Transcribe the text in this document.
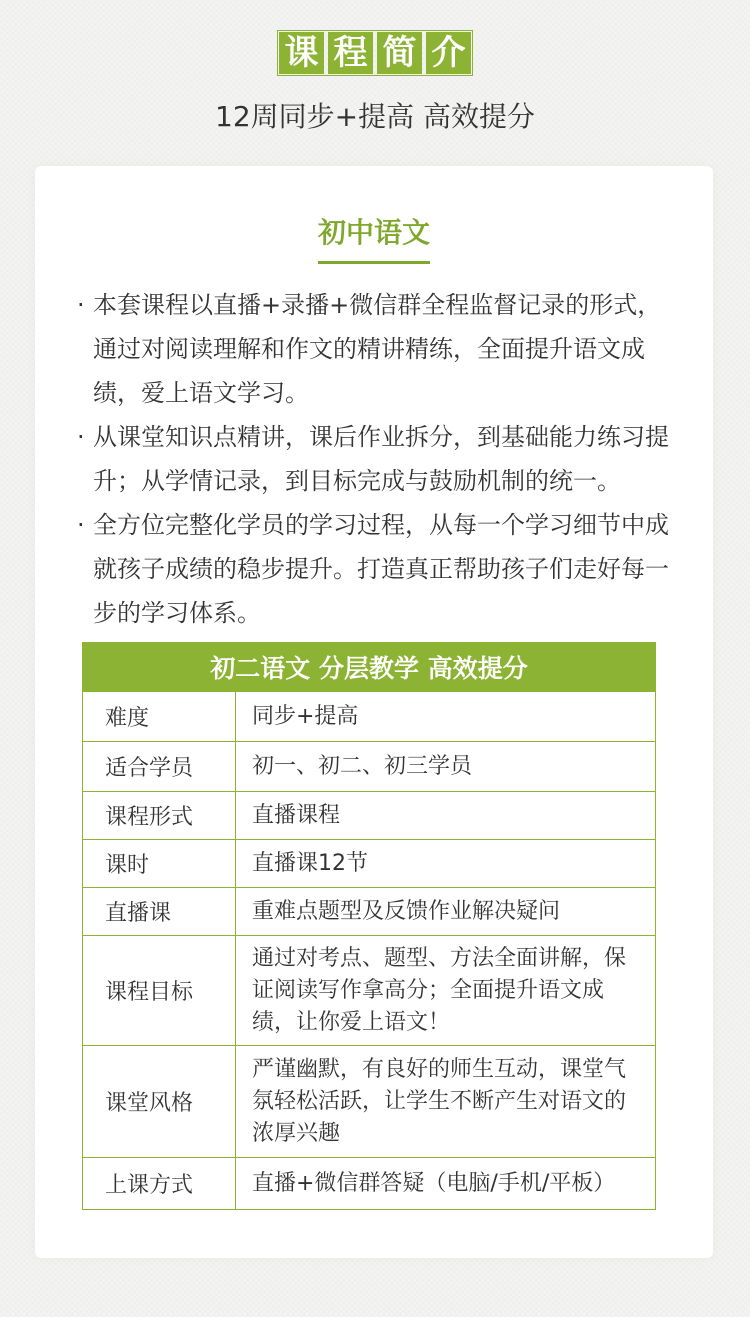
课 程 简 介
12周同步+提高 高效提分
初中语文

· 本套课程以直播+录播+微信群全程监督记录的形式，通过对阅读理解和作文的精讲精练，全面提升语文成绩，爱上语文学习。

· 从课堂知识点精讲，课后作业拆分，到基础能力练习提升；从学情记录，到目标完成与鼓励机制的统一。

· 全方位完整化学员的学习过程，从每一个学习细节中成就孩子成绩的稳步提升。打造真正帮助孩子们走好每一步的学习体系。

初二语文 分层教学 高效提分	
难度	同步+提高
适合学员	初一、初二、初三学员
课程形式	直播课程
课时	直播课12节
直播课	重难点题型及反馈作业解决疑问
课程目标	通过对考点、题型、方法全面讲解，保证阅读写作拿高分；全面提升语文成绩，让你爱上语文！
课堂风格	严谨幽默，有良好的师生互动，课堂气氛轻松活跃，让学生不断产生对语文的浓厚兴趣
上课方式	直播+微信群答疑（电脑/手机/平板）
